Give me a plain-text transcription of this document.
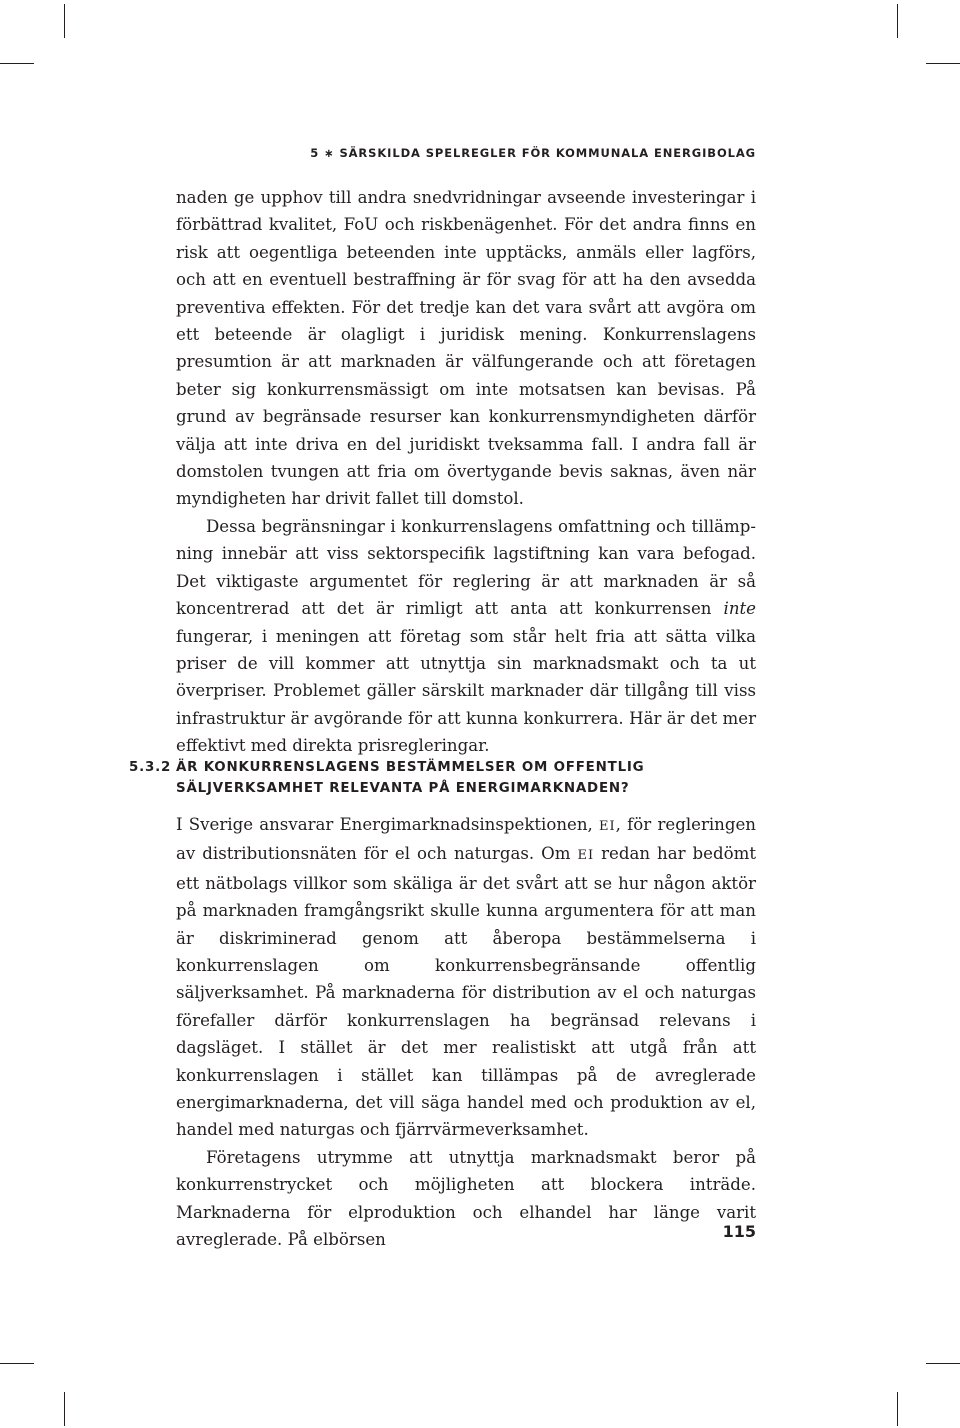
5 ∗ SÄRSKILDA SPELREGLER FÖR KOMMUNALA ENERGIBOLAG

naden ge upphov till andra snedvridningar avseende investeringar i förbättrad kvalitet, FoU och riskbenägenhet. För det andra finns en risk att oegentliga beteenden inte upptäcks, anmäls eller lagförs, och att en eventuell bestraffning är för svag för att ha den avsedda preventiva effekten. För det tredje kan det vara svårt att avgöra om ett beteende är olagligt i juridisk mening. Konkurrenslagens presumtion är att marknaden är välfungerande och att företagen beter sig konkurrensmässigt om inte motsatsen kan bevisas. På grund av begränsade resurser kan konkurrensmyndigheten därför välja att inte driva en del juridiskt tveksamma fall. I andra fall är domstolen tvungen att fria om övertygande bevis saknas, även när myndigheten har drivit fallet till domstol.

Dessa begränsningar i konkurrenslagens omfattning och tillämpning innebär att viss sektorspecifik lagstiftning kan vara befogad. Det viktigaste argumentet för reglering är att marknaden är så koncentrerad att det är rimligt att anta att konkurrensen inte fungerar, i meningen att företag som står helt fria att sätta vilka priser de vill kommer att utnyttja sin marknadsmakt och ta ut överpriser. Problemet gäller särskilt marknader där tillgång till viss infrastruktur är avgörande för att kunna konkurrera. Här är det mer effektivt med direkta prisregleringar.

5.3.2 ÄR KONKURRENSLAGENS BESTÄMMELSER OM OFFENTLIG
SÄLJVERKSAMHET RELEVANTA PÅ ENERGIMARKNADEN?

I Sverige ansvarar Energimarknadsinspektionen, EI, för regleringen av distributionsnäten för el och naturgas. Om EI redan har bedömt ett nätbolags villkor som skäliga är det svårt att se hur någon aktör på marknaden framgångsrikt skulle kunna argumentera för att man är diskriminerad genom att åberopa bestämmelserna i konkurrenslagen om konkurrensbegränsande offentlig säljverksamhet. På marknaderna för distribution av el och naturgas förefaller därför konkurrenslagen ha begränsad relevans i dagsläget. I stället är det mer realistiskt att utgå från att konkurrenslagen i stället kan tillämpas på de avreglerade energimarknaderna, det vill säga handel med och produktion av el, handel med naturgas och fjärrvärmeverksamhet.

Företagens utrymme att utnyttja marknadsmakt beror på konkurrenstrycket och möjligheten att blockera inträde. Marknaderna för elproduktion och elhandel har länge varit avreglerade. På elbörsen	115
